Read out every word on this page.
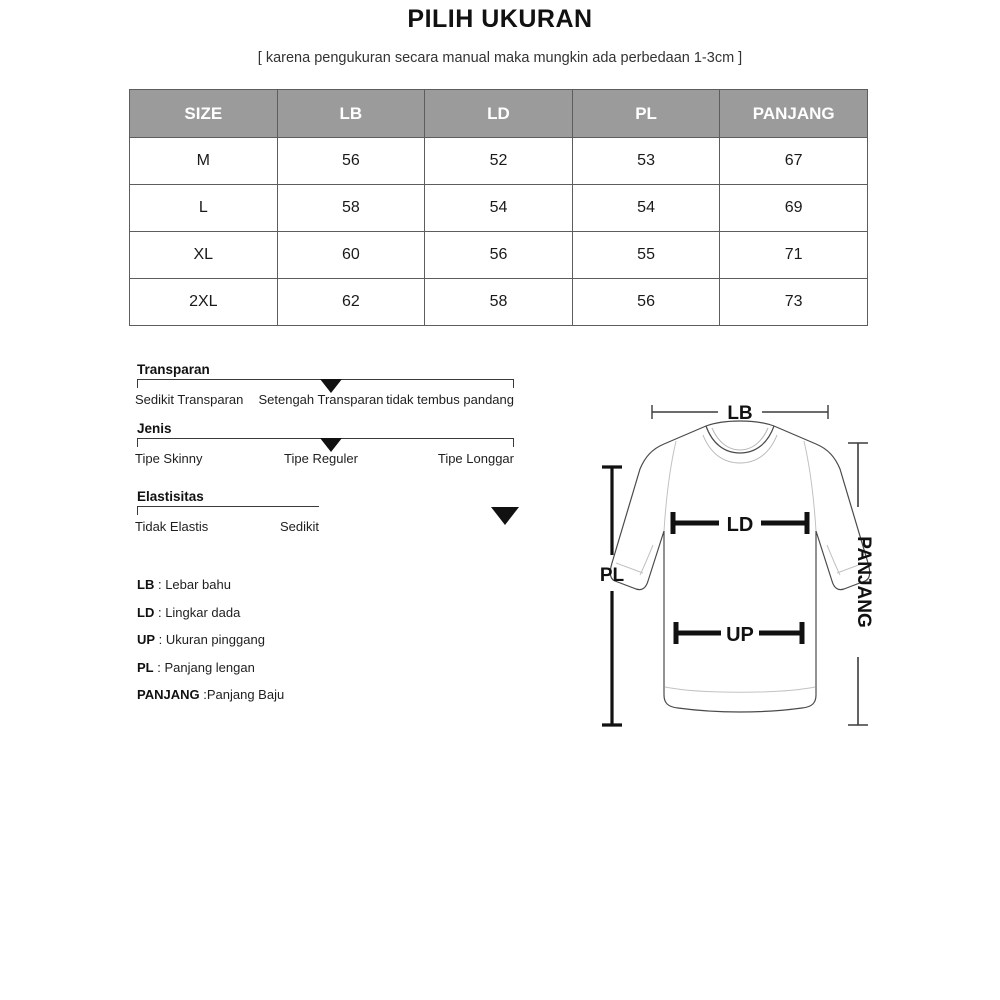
PILIH UKURAN
[ karena pengukuran secara manual maka mungkin ada perbedaan 1-3cm ]
SIZE	LB	LD	PL	PANJANG
M	56	52	53	67
L	58	54	54	69
XL	60	56	55	71
2XL	62	58	56	73
Transparan
Sedikit Transparan Setengah Transparan tidak tembus pandang
Jenis
Tipe Skinny	Tipe Reguler	Tipe Longgar
Elastisitas
Tidak Elastis	Sedikit
LB : Lebar bahu
LD : Lingkar dada
UP : Ukuran pinggang
PL : Panjang lengan
PANJANG :Panjang Baju
LB
LD
UP
PL	PANJANG
